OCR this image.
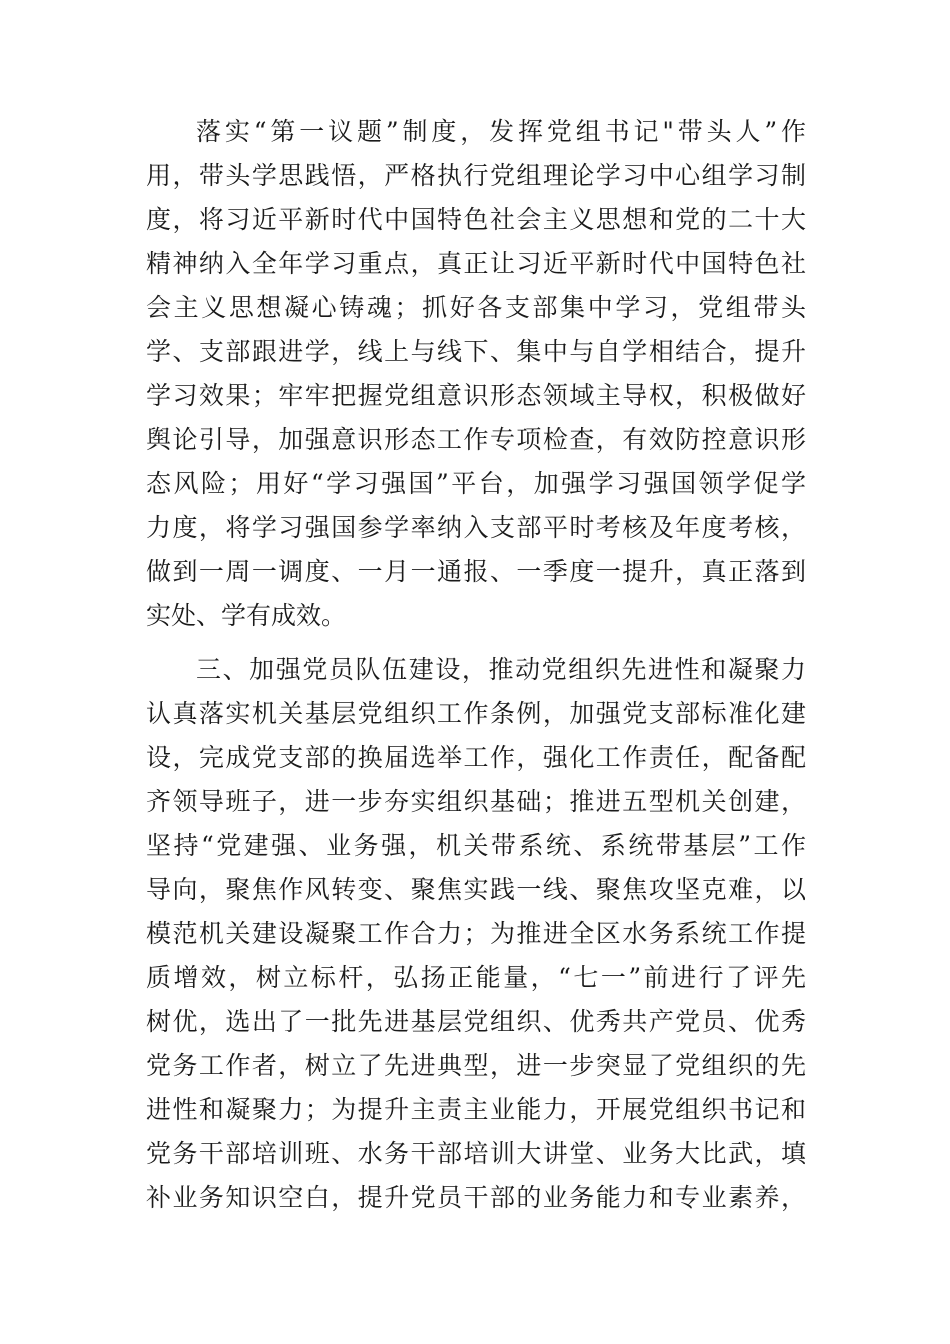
落实“第一议题”制度，发挥党组书记"带头人”作
用，带头学思践悟，严格执行党组理论学习中心组学习制
度，将习近平新时代中国特色社会主义思想和党的二十大
精神纳入全年学习重点，真正让习近平新时代中国特色社
会主义思想凝心铸魂；抓好各支部集中学习，党组带头
学、支部跟进学，线上与线下、集中与自学相结合，提升
学习效果；牢牢把握党组意识形态领域主导权，积极做好
舆论引导，加强意识形态工作专项检查，有效防控意识形
态风险；用好“学习强国”平台，加强学习强国领学促学
力度，将学习强国参学率纳入支部平时考核及年度考核，
做到一周一调度、一月一通报、一季度一提升，真正落到
实处、学有成效。
三、加强党员队伍建设，推动党组织先进性和凝聚力
认真落实机关基层党组织工作条例，加强党支部标准化建
设，完成党支部的换届选举工作，强化工作责任，配备配
齐领导班子，进一步夯实组织基础；推进五型机关创建，
坚持“党建强、业务强，机关带系统、系统带基层”工作
导向，聚焦作风转变、聚焦实践一线、聚焦攻坚克难，以
模范机关建设凝聚工作合力；为推进全区水务系统工作提
质增效，树立标杆，弘扬正能量，“七一”前进行了评先
树优，选出了一批先进基层党组织、优秀共产党员、优秀
党务工作者，树立了先进典型，进一步突显了党组织的先
进性和凝聚力；为提升主责主业能力，开展党组织书记和
党务干部培训班、水务干部培训大讲堂、业务大比武，填
补业务知识空白，提升党员干部的业务能力和专业素养，
